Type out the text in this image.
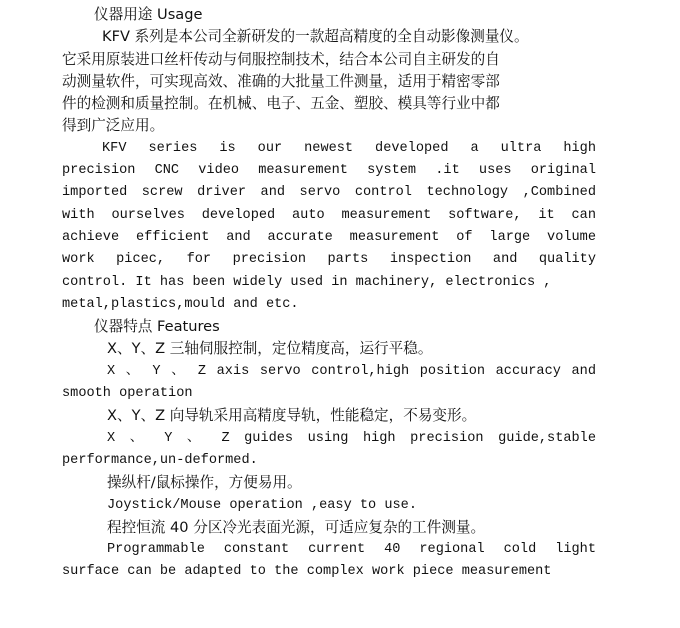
仪器用途 Usage
KFV 系列是本公司全新研发的一款超高精度的全自动影像测量仪。
它采用原装进口丝杆传动与伺服控制技术，结合本公司自主研发的自
动测量软件，可实现高效、准确的大批量工件测量，适用于精密零部
件的检测和质量控制。在机械、电子、五金、塑胶、模具等行业中都
得到广泛应用。
KFV series is our newest developed a ultra high
precision CNC video measurement system .it uses original
imported screw driver and servo control technology ,Combined
with ourselves developed auto measurement software, it can
achieve efficient and accurate measurement of large volume
work picec, for precision parts inspection and quality
control. It has been widely used in machinery, electronics ,
metal,plastics,mould and etc.
仪器特点 Features
X、Y、Z 三轴伺服控制，定位精度高，运行平稳。
X 、 Y 、 Z axis servo control,high position accuracy and
smooth operation
X、Y、Z 向导轨采用高精度导轨，性能稳定，不易变形。
X 、 Y 、 Z guides using high precision guide,stable
performance,un-deformed.
操纵杆/鼠标操作，方便易用。
Joystick/Mouse operation ,easy to use.
程控恒流 40 分区冷光表面光源，可适应复杂的工件测量。
Programmable constant current 40 regional cold light
surface can be adapted to the complex work piece measurement
